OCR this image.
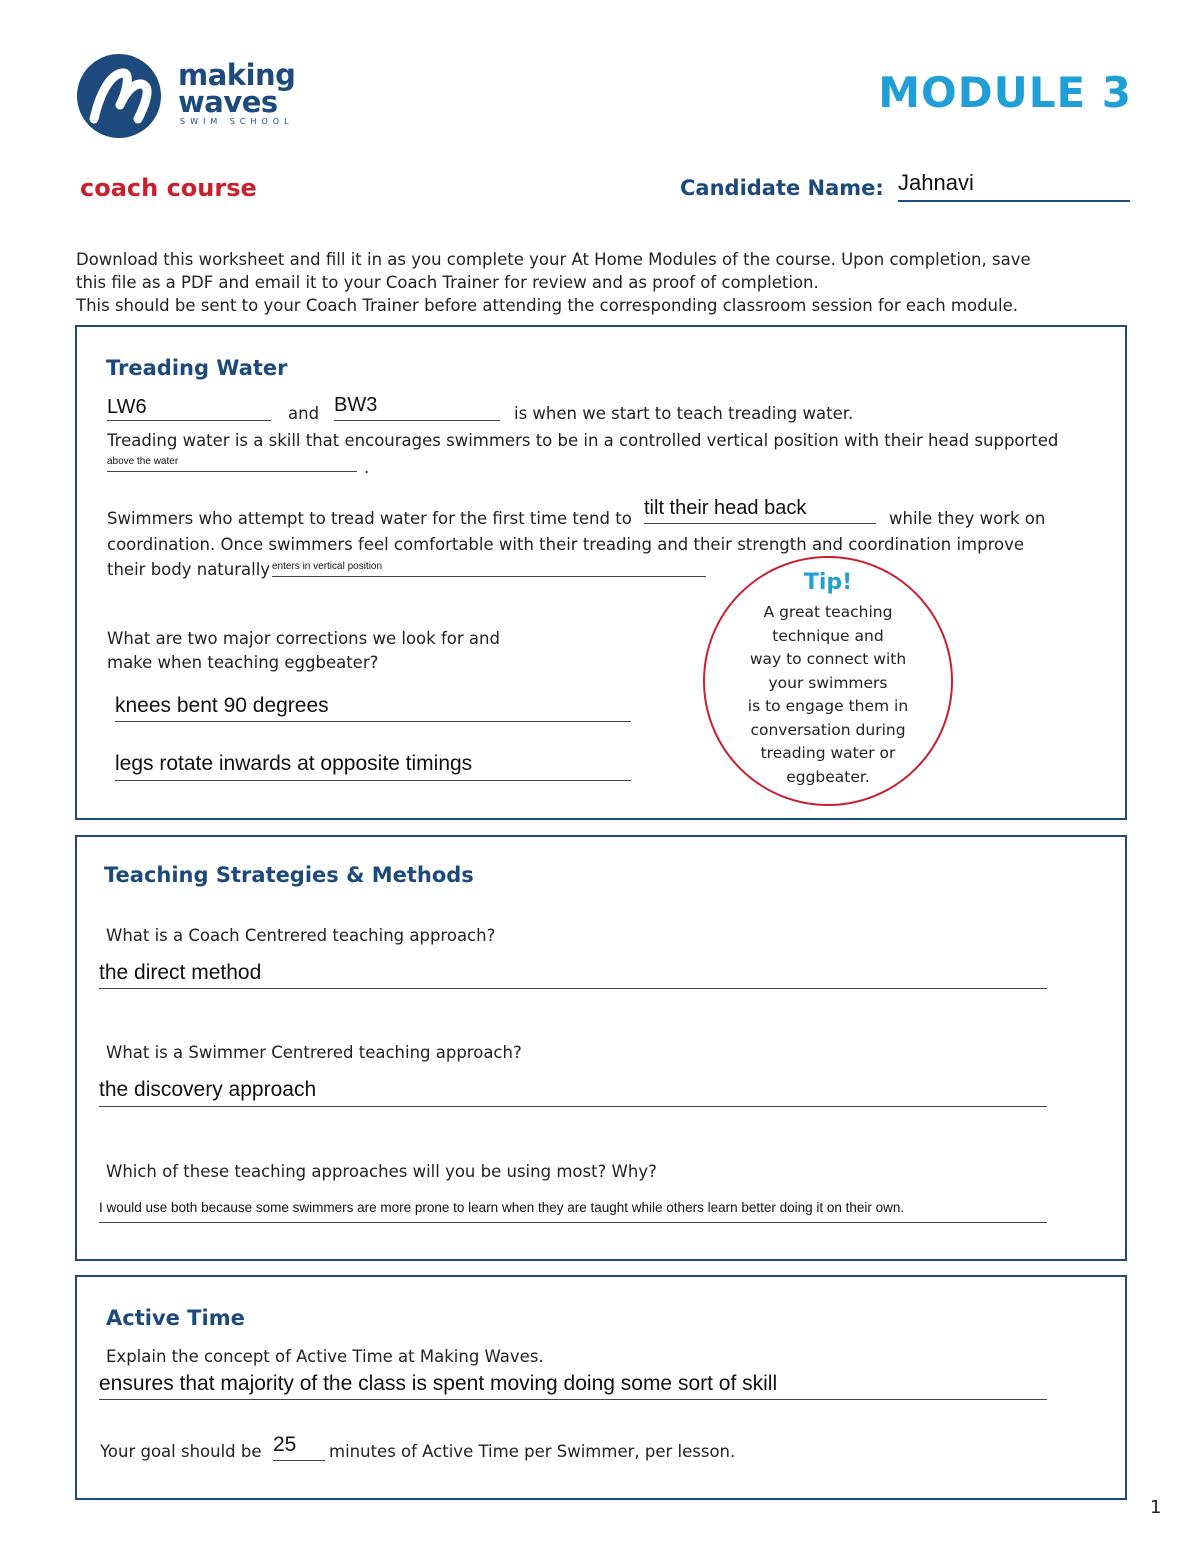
making
waves
SWIM SCHOOL
MODULE 3
coach course	Candidate Name: Jahnavi
Download this worksheet and fill it in as you complete your At Home Modules of the course. Upon completion, save
this file as a PDF and email it to your Coach Trainer for review and as proof of completion.
This should be sent to your Coach Trainer before attending the corresponding classroom session for each module.
Treading Water
LW6	and BW3	is when we start to teach treading water.
Treading water is a skill that encourages swimmers to be in a controlled vertical position with their head supported
above the water	.
Swimmers who attempt to tread water for the first time tend to tilt their head back	while they work on
coordination. Once swimmers feel comfortable with their treading and their strength and coordination improve
their body naturally enters in vertical position
What are two major corrections we look for and
make when teaching eggbeater?
knees bent 90 degrees
legs rotate inwards at opposite timings
Tip!
A great teaching
technique and
way to connect with
your swimmers
is to engage them in
conversation during
treading water or
eggbeater.
Teaching Strategies & Methods
What is a Coach Centrered teaching approach?
the direct method
What is a Swimmer Centrered teaching approach?
the discovery approach
Which of these teaching approaches will you be using most? Why?
I would use both because some swimmers are more prone to learn when they are taught while others learn better doing it on their own.
Active Time
Explain the concept of Active Time at Making Waves.
ensures that majority of the class is spent moving doing some sort of skill
Your goal should be 25	minutes of Active Time per Swimmer, per lesson.
1
